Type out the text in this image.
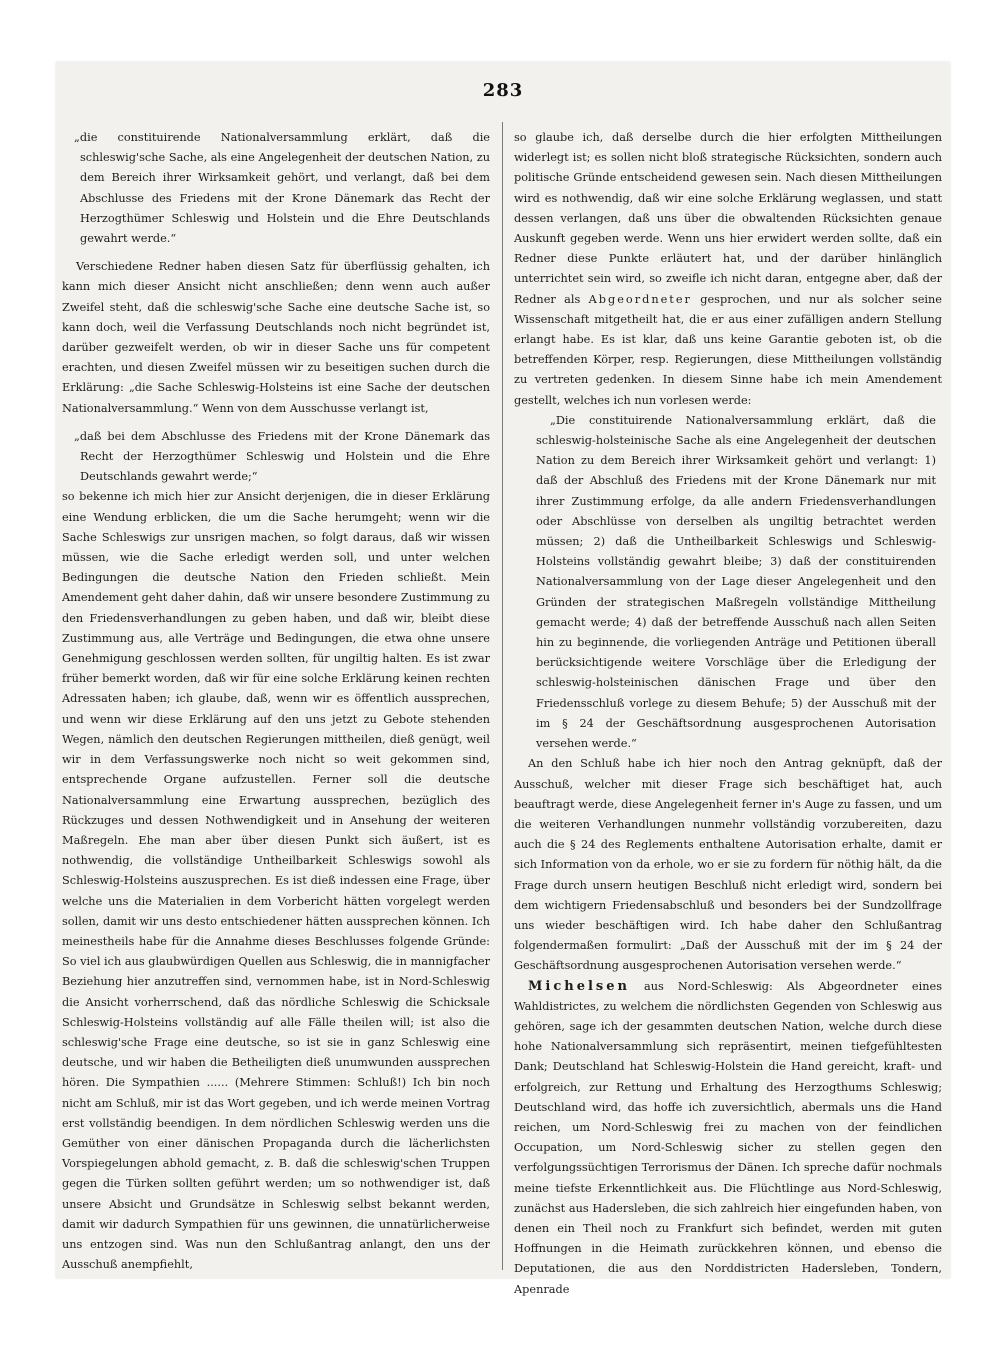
283

„die constituirende Nationalversammlung erklärt, daß die schleswig'sche Sache, als eine Angelegenheit der deutschen Nation, zu dem Bereich ihrer Wirksamkeit gehört, und verlangt, daß bei dem Abschlusse des Friedens mit der Krone Dänemark das Recht der Herzogthümer Schleswig und Holstein und die Ehre Deutschlands gewahrt werde.“

Verschiedene Redner haben diesen Satz für überflüssig gehalten, ich kann mich dieser Ansicht nicht anschließen; denn wenn auch außer Zweifel steht, daß die schleswig'sche Sache eine deutsche Sache ist, so kann doch, weil die Verfassung Deutschlands noch nicht begründet ist, darüber gezweifelt werden, ob wir in dieser Sache uns für competent erachten, und diesen Zweifel müssen wir zu beseitigen suchen durch die Erklärung: „die Sache Schleswig-Holsteins ist eine Sache der deutschen Nationalversammlung.“ Wenn von dem Ausschusse verlangt ist,

„daß bei dem Abschlusse des Friedens mit der Krone Dänemark das Recht der Herzogthümer Schleswig und Holstein und die Ehre Deutschlands gewahrt werde;“

so bekenne ich mich hier zur Ansicht derjenigen, die in dieser Erklärung eine Wendung erblicken, die um die Sache herumgeht; wenn wir die Sache Schleswigs zur unsrigen machen, so folgt daraus, daß wir wissen müssen, wie die Sache erledigt werden soll, und unter welchen Bedingungen die deutsche Nation den Frieden schließt. Mein Amendement geht daher dahin, daß wir unsere besondere Zustimmung zu den Friedensverhandlungen zu geben haben, und daß wir, bleibt diese Zustimmung aus, alle Verträge und Bedingungen, die etwa ohne unsere Genehmigung geschlossen werden sollten, für ungiltig halten. Es ist zwar früher bemerkt worden, daß wir für eine solche Erklärung keinen rechten Adressaten haben; ich glaube, daß, wenn wir es öffentlich aussprechen, und wenn wir diese Erklärung auf den uns jetzt zu Gebote stehenden Wegen, nämlich den deutschen Regierungen mittheilen, dieß genügt, weil wir in dem Verfassungswerke noch nicht so weit gekommen sind, entsprechende Organe aufzustellen. Ferner soll die deutsche Nationalversammlung eine Erwartung aussprechen, bezüglich des Rückzuges und dessen Nothwendigkeit und in Ansehung der weiteren Maßregeln. Ehe man aber über diesen Punkt sich äußert, ist es nothwendig, die vollständige Untheilbarkeit Schleswigs sowohl als Schleswig-Holsteins auszusprechen. Es ist dieß indessen eine Frage, über welche uns die Materialien in dem Vorbericht hätten vorgelegt werden sollen, damit wir uns desto entschiedener hätten aussprechen können. Ich meinestheils habe für die Annahme dieses Beschlusses folgende Gründe: So viel ich aus glaubwürdigen Quellen aus Schleswig, die in mannigfacher Beziehung hier anzutreffen sind, vernommen habe, ist in Nord-Schleswig die Ansicht vorherrschend, daß das nördliche Schleswig die Schicksale Schleswig-Holsteins vollständig auf alle Fälle theilen will; ist also die schleswig'sche Frage eine deutsche, so ist sie in ganz Schleswig eine deutsche, und wir haben die Betheiligten dieß unumwunden aussprechen hören. Die Sympathien ...... (Mehrere Stimmen: Schluß!) Ich bin noch nicht am Schluß, mir ist das Wort gegeben, und ich werde meinen Vortrag erst vollständig beendigen. In dem nördlichen Schleswig werden uns die Gemüther von einer dänischen Propaganda durch die lächerlichsten Vorspiegelungen abhold gemacht, z. B. daß die schleswig'schen Truppen gegen die Türken sollten geführt werden; um so nothwendiger ist, daß unsere Absicht und Grundsätze in Schleswig selbst bekannt werden, damit wir dadurch Sympathien für uns gewinnen, die unnatürlicherweise uns entzogen sind. Was nun den Schlußantrag anlangt, den uns der Ausschuß anempfiehlt,

so glaube ich, daß derselbe durch die hier erfolgten Mittheilungen widerlegt ist; es sollen nicht bloß strategische Rücksichten, sondern auch politische Gründe entscheidend gewesen sein. Nach diesen Mittheilungen wird es nothwendig, daß wir eine solche Erklärung weglassen, und statt dessen verlangen, daß uns über die obwaltenden Rücksichten genaue Auskunft gegeben werde. Wenn uns hier erwidert werden sollte, daß ein Redner diese Punkte erläutert hat, und der darüber hinlänglich unterrichtet sein wird, so zweifle ich nicht daran, entgegne aber, daß der Redner als Abgeordneter gesprochen, und nur als solcher seine Wissenschaft mitgetheilt hat, die er aus einer zufälligen andern Stellung erlangt habe. Es ist klar, daß uns keine Garantie geboten ist, ob die betreffenden Körper, resp. Regierungen, diese Mittheilungen vollständig zu vertreten gedenken. In diesem Sinne habe ich mein Amendement gestellt, welches ich nun vorlesen werde:

„Die constituirende Nationalversammlung erklärt, daß die schleswig-holsteinische Sache als eine Angelegenheit der deutschen Nation zu dem Bereich ihrer Wirksamkeit gehört und verlangt: 1) daß der Abschluß des Friedens mit der Krone Dänemark nur mit ihrer Zustimmung erfolge, da alle andern Friedensverhandlungen oder Abschlüsse von derselben als ungiltig betrachtet werden müssen; 2) daß die Untheilbarkeit Schleswigs und Schleswig-Holsteins vollständig gewahrt bleibe; 3) daß der constituirenden Nationalversammlung von der Lage dieser Angelegenheit und den Gründen der strategischen Maßregeln vollständige Mittheilung gemacht werde; 4) daß der betreffende Ausschuß nach allen Seiten hin zu beginnende, die vorliegenden Anträge und Petitionen überall berücksichtigende weitere Vorschläge über die Erledigung der schleswig-holsteinischen dänischen Frage und über den Friedensschluß vorlege zu diesem Behufe; 5) der Ausschuß mit der im § 24 der Geschäftsordnung ausgesprochenen Autorisation versehen werde.“

An den Schluß habe ich hier noch den Antrag geknüpft, daß der Ausschuß, welcher mit dieser Frage sich beschäftiget hat, auch beauftragt werde, diese Angelegenheit ferner in's Auge zu fassen, und um die weiteren Verhandlungen nunmehr vollständig vorzubereiten, dazu auch die § 24 des Reglements enthaltene Autorisation erhalte, damit er sich Information von da erhole, wo er sie zu fordern für nöthig hält, da die Frage durch unsern heutigen Beschluß nicht erledigt wird, sondern bei dem wichtigern Friedensabschluß und besonders bei der Sundzollfrage uns wieder beschäftigen wird. Ich habe daher den Schlußantrag folgendermaßen formulirt: „Daß der Ausschuß mit der im § 24 der Geschäftsordnung ausgesprochenen Autorisation versehen werde.“

Michelsen aus Nord-Schleswig: Als Abgeordneter eines Wahldistrictes, zu welchem die nördlichsten Gegenden von Schleswig aus gehören, sage ich der gesammten deutschen Nation, welche durch diese hohe Nationalversammlung sich repräsentirt, meinen tiefgefühltesten Dank; Deutschland hat Schleswig-Holstein die Hand gereicht, kraft- und erfolgreich, zur Rettung und Erhaltung des Herzogthums Schleswig; Deutschland wird, das hoffe ich zuversichtlich, abermals uns die Hand reichen, um Nord-Schleswig frei zu machen von der feindlichen Occupation, um Nord-Schleswig sicher zu stellen gegen den verfolgungssüchtigen Terrorismus der Dänen. Ich spreche dafür nochmals meine tiefste Erkenntlichkeit aus. Die Flüchtlinge aus Nord-Schleswig, zunächst aus Hadersleben, die sich zahlreich hier eingefunden haben, von denen ein Theil noch zu Frankfurt sich befindet, werden mit guten Hoffnungen in die Heimath zurückkehren können, und ebenso die Deputationen, die aus den Norddistricten Hadersleben, Tondern, Apenrade
